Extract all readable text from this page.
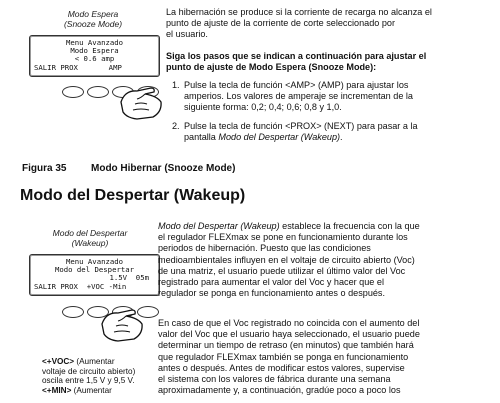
Modo Espera
(Snooze Mode)
Menu Avanzado
Modo Espera
< 0.6 amp
SALIR PROX       AMP
La hibernación se produce si la corriente de recarga no alcanza el
punto de ajuste de la corriente de corte seleccionado por
el usuario.
Siga los pasos que se indican a continuación para ajustar el
punto de ajuste de Modo Espera (Snooze Mode):
1. Pulse la tecla de función <AMP> (AMP) para ajustar los
amperios. Los valores de amperaje se incrementan de la
siguiente forma: 0,2; 0,4; 0,6; 0,8 y 1,0.
2. Pulse la tecla de función <PROX> (NEXT) para pasar a la
pantalla Modo del Despertar (Wakeup).
Figura 35 Modo Hibernar (Snooze Mode)
Modo del Despertar (Wakeup)
Modo del Despertar
(Wakeup)
Menu Avanzado
Modo del Despertar
1.5V  05m
SALIR PROX  +VOC -Min
<+VOC> (Aumentar
voltaje de circuito abierto)
oscila entre 1,5 V y 9,5 V.
<+MIN> (Aumentar
Modo del Despertar (Wakeup) establece la frecuencia con la que
el regulador FLEXmax se pone en funcionamiento durante los
periodos de hibernación. Puesto que las condiciones
medioambientales influyen en el voltaje de circuito abierto (Voc)
de una matriz, el usuario puede utilizar el último valor del Voc
registrado para aumentar el valor del Voc y hacer que el
regulador se ponga en funcionamiento antes o después.
En caso de que el Voc registrado no coincida con el aumento del
valor del Voc que el usuario haya seleccionado, el usuario puede
determinar un tiempo de retraso (en minutos) que también hará
que regulador FLEXmax también se ponga en funcionamiento
antes o después. Antes de modificar estos valores, supervise
el sistema con los valores de fábrica durante una semana
aproximadamente y, a continuación, gradúe poco a poco los
